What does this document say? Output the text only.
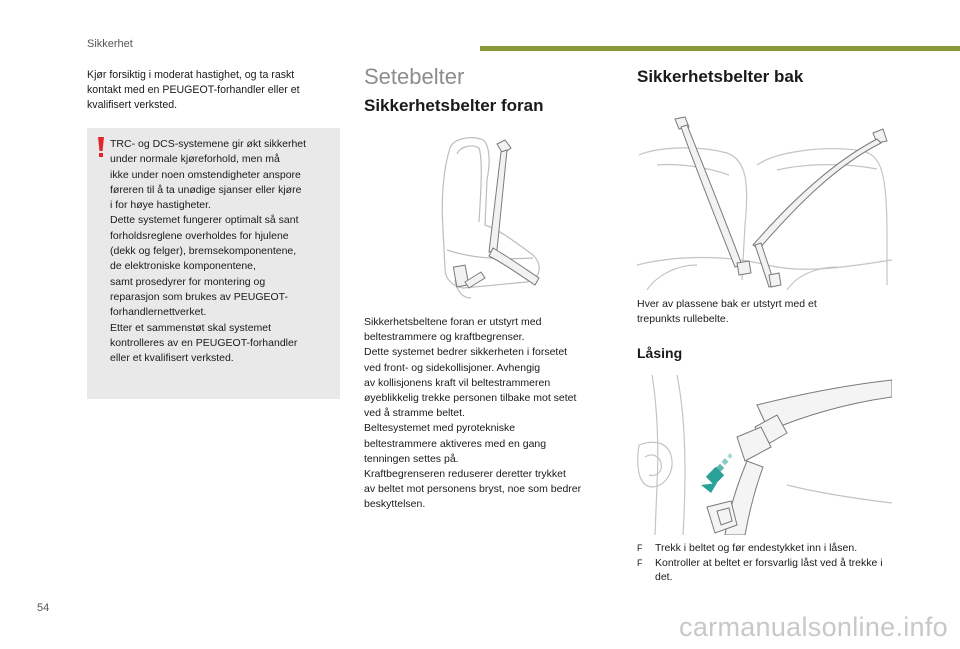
Sikkerhet

Kjør forsiktig i moderat hastighet, og ta raskt
kontakt med en PEUGEOT-forhandler eller et
kvalifisert verksted.

TRC- og DCS-systemene gir økt sikkerhet
under normale kjøreforhold, men må
ikke under noen omstendigheter anspore
føreren til å ta unødige sjanser eller kjøre
i for høye hastigheter.
Dette systemet fungerer optimalt så sant
forholdsreglene overholdes for hjulene
(dekk og felger), bremsekomponentene,
de elektroniske komponentene,
samt prosedyrer for montering og
reparasjon som brukes av PEUGEOT-
forhandlernettverket.
Etter et sammenstøt skal systemet
kontrolleres av en PEUGEOT-forhandler
eller et kvalifisert verksted.

Setebelter
Sikkerhetsbelter foran

Sikkerhetsbeltene foran er utstyrt med
beltestrammere og kraftbegrenser.
Dette systemet bedrer sikkerheten i forsetet
ved front- og sidekollisjoner. Avhengig
av kollisjonens kraft vil beltestrammeren
øyeblikkelig trekke personen tilbake mot setet
ved å stramme beltet.
Beltesystemet med pyrotekniske
beltestrammere aktiveres med en gang
tenningen settes på.
Kraftbegrenseren reduserer deretter trykket
av beltet mot personens bryst, noe som bedrer
beskyttelsen.

Sikkerhetsbelter bak

Hver av plassene bak er utstyrt med et
trepunkts rullebelte.

Låsing
F Trekk i beltet og før endestykket inn i låsen.
F Kontroller at beltet er forsvarlig låst ved å trekke i det.
54
carmanualsonline.info
